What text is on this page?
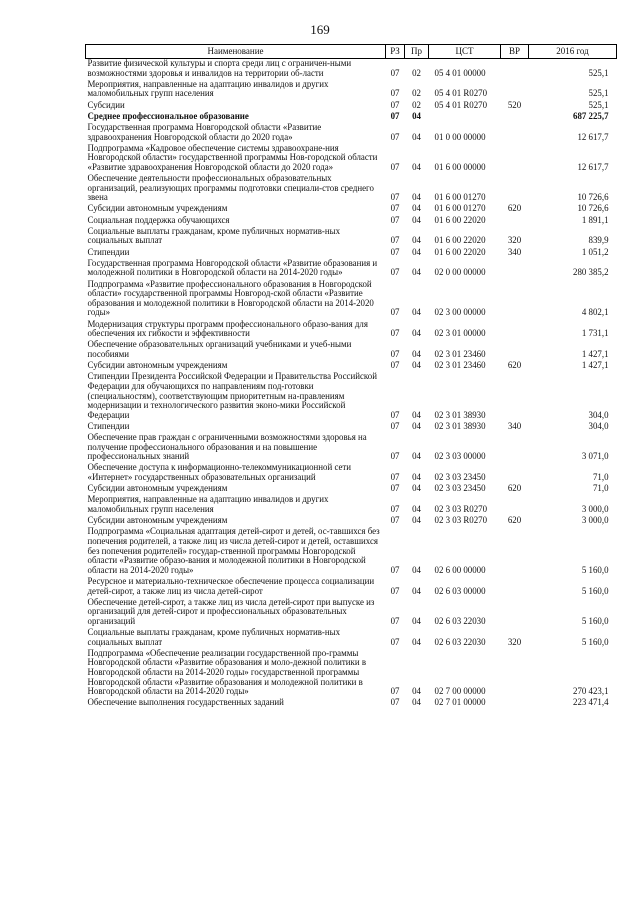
169
Наименование	РЗ	Пр	ЦСТ	ВР	2016 год
Развитие физической культуры и спорта среди лиц с ограничен-ными возможностями здоровья и инвалидов на территории об-ласти	07	02	05 4 01 00000		525,1
Мероприятия, направленные на адаптацию инвалидов и других маломобильных групп населения	07	02	05 4 01 R0270		525,1
Субсидии	07	02	05 4 01 R0270	520	525,1
Среднее профессиональное образование	07	04			687 225,7
Государственная программа Новгородской области «Развитие здравоохранения Новгородской области до 2020 года»	07	04	01 0 00 00000		12 617,7
Подпрограмма «Кадровое обеспечение системы здравоохране-ния Новгородской области» государственной программы Нов-городской области «Развитие здравоохранения Новгородской области до 2020 года»	07	04	01 6 00 00000		12 617,7
Обеспечение деятельности профессиональных образовательных организаций, реализующих программы подготовки специали-стов среднего звена	07	04	01 6 00 01270		10 726,6
Субсидии автономным учреждениям	07	04	01 6 00 01270	620	10 726,6
Социальная поддержка обучающихся	07	04	01 6 00 22020		1 891,1
Социальные выплаты гражданам, кроме публичных норматив-ных социальных выплат	07	04	01 6 00 22020	320	839,9
Стипендии	07	04	01 6 00 22020	340	1 051,2
Государственная программа Новгородской области «Развитие образования и молодежной политики в Новгородской области на 2014-2020 годы»	07	04	02 0 00 00000		280 385,2
Подпрограмма «Развитие профессионального образования в Новгородской области» государственной программы Новгород-ской области «Развитие образования и молодежной политики в Новгородской области на 2014-2020 годы»	07	04	02 3 00 00000		4 802,1
Модернизация структуры программ профессионального образо-вания для обеспечения их гибкости и эффективности	07	04	02 3 01 00000		1 731,1
Обеспечение образовательных организаций учебниками и учеб-ными пособиями	07	04	02 3 01 23460		1 427,1
Субсидии автономным учреждениям	07	04	02 3 01 23460	620	1 427,1
Стипендии Президента Российской Федерации и Правительства Российской Федерации для обучающихся по направлениям под-готовки (специальностям), соответствующим приоритетным на-правлениям модернизации и технологического развития эконо-мики Российской Федерации	07	04	02 3 01 38930		304,0
Стипендии	07	04	02 3 01 38930	340	304,0
Обеспечение прав граждан с ограниченными возможностями здоровья на получение профессионального образования и на повышение профессиональных знаний	07	04	02 3 03 00000		3 071,0
Обеспечение доступа к информационно-телекоммуникационной сети «Интернет» государственных образовательных организаций	07	04	02 3 03 23450		71,0
Субсидии автономным учреждениям	07	04	02 3 03 23450	620	71,0
Мероприятия, направленные на адаптацию инвалидов и других маломобильных групп населения	07	04	02 3 03 R0270		3 000,0
Субсидии автономным учреждениям	07	04	02 3 03 R0270	620	3 000,0
Подпрограмма «Социальная адаптация детей-сирот и детей, ос-тавшихся без попечения родителей, а также лиц из числа детей-сирот и детей, оставшихся без попечения родителей» государ-ственной программы Новгородской области «Развитие образо-вания и молодежной политики в Новгородской области на 2014-2020 годы»	07	04	02 6 00 00000		5 160,0
Ресурсное и материально-техническое обеспечение процесса социализации детей-сирот, а также лиц из числа детей-сирот	07	04	02 6 03 00000		5 160,0
Обеспечение детей-сирот, а также лиц из числа детей-сирот при выпуске из организаций для детей-сирот и профессиональных образовательных организаций	07	04	02 6 03 22030		5 160,0
Социальные выплаты гражданам, кроме публичных норматив-ных социальных выплат	07	04	02 6 03 22030	320	5 160,0
Подпрограмма «Обеспечение реализации государственной про-граммы Новгородской области «Развитие образования и моло-дежной политики в Новгородской области на 2014-2020 годы» государственной программы Новгородской области «Развитие образования и молодежной политики в Новгородской области на 2014-2020 годы»	07	04	02 7 00 00000		270 423,1
Обеспечение выполнения государственных заданий	07	04	02 7 01 00000		223 471,4
